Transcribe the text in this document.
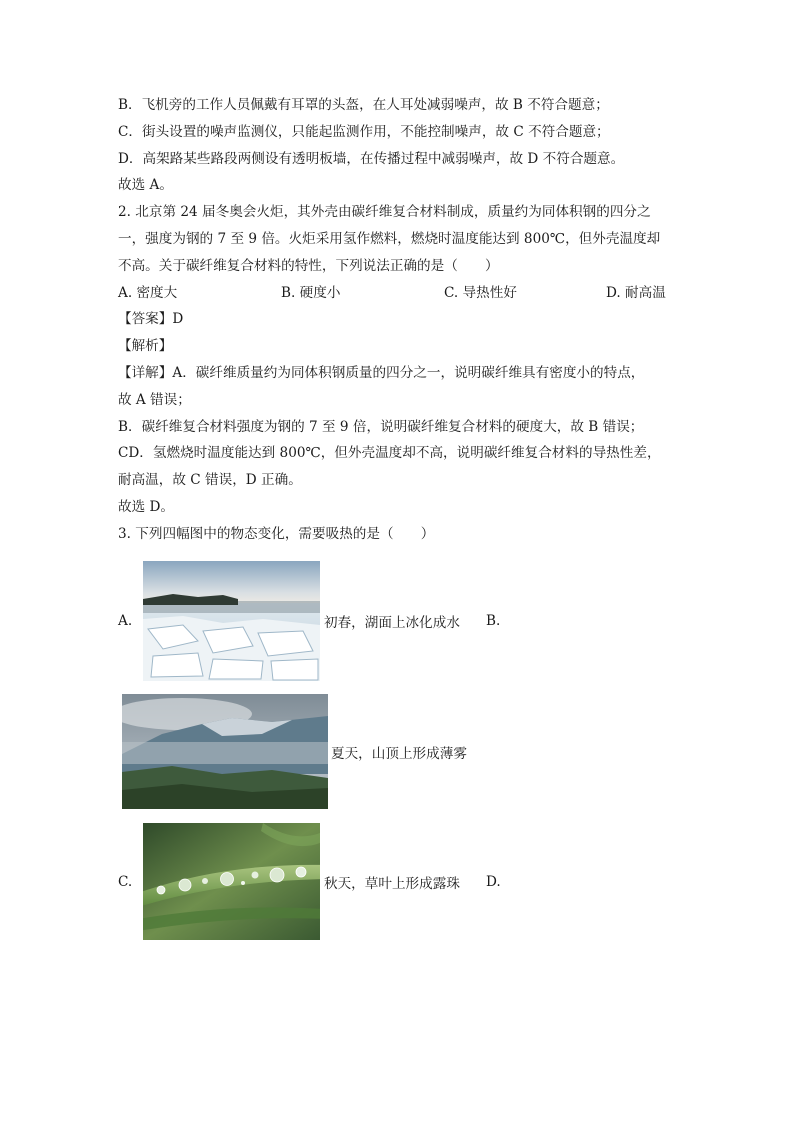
B．飞机旁的工作人员佩戴有耳罩的头盔，在人耳处减弱噪声，故 B 不符合题意；
C．街头设置的噪声监测仪，只能起监测作用，不能控制噪声，故 C 不符合题意；
D．高架路某些路段两侧设有透明板墙，在传播过程中减弱噪声，故 D 不符合题意。
故选 A。
2. 北京第 24 届冬奥会火炬，其外壳由碳纤维复合材料制成，质量约为同体积钢的四分之
一，强度为钢的 7 至 9 倍。火炬采用氢作燃料，燃烧时温度能达到 800℃，但外壳温度却
不高。关于碳纤维复合材料的特性，下列说法正确的是（　　）
A. 密度大	B. 硬度小	C. 导热性好	D. 耐高温
【答案】D
【解析】
【详解】A．碳纤维质量约为同体积钢质量的四分之一，说明碳纤维具有密度小的特点，
故 A 错误；
B．碳纤维复合材料强度为钢的 7 至 9 倍，说明碳纤维复合材料的硬度大，故 B 错误；
CD．氢燃烧时温度能达到 800℃，但外壳温度却不高，说明碳纤维复合材料的导热性差，
耐高温，故 C 错误，D 正确。
故选 D。
3. 下列四幅图中的物态变化，需要吸热的是（　　）
A.	初春，湖面上冰化成水	B.
夏天，山顶上形成薄雾
C.	秋天，草叶上形成露珠	D.
